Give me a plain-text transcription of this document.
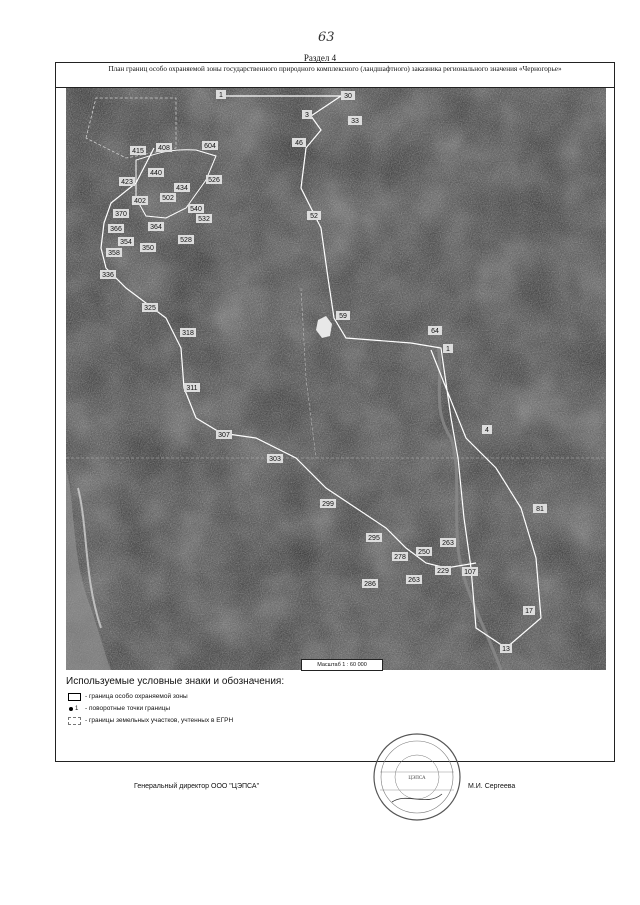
63
Раздел 4
План границ особо охраняемой зоны государственного природного комплексного (ландшафтного) заказника регионального значения «Черногорье»
1	30
3
33
46
415 408	604
440
423
434
526
402 502
540
370
532
366	364
528
354
350
358
52
336
325
59
318	64
1
311
4
307
303
299
81
295
263
278
250
229 107
286
263
17
13
Масштаб 1 : 60 000
Используемые условные знаки и обозначения:
- граница особо охраняемой зоны
1
- поворотные точки границы
- границы земельных участков, учтенных в ЕГРН
Генеральный директор ООО "ЦЭПСА"	М.И. Сергеева
ЦЭПСА
